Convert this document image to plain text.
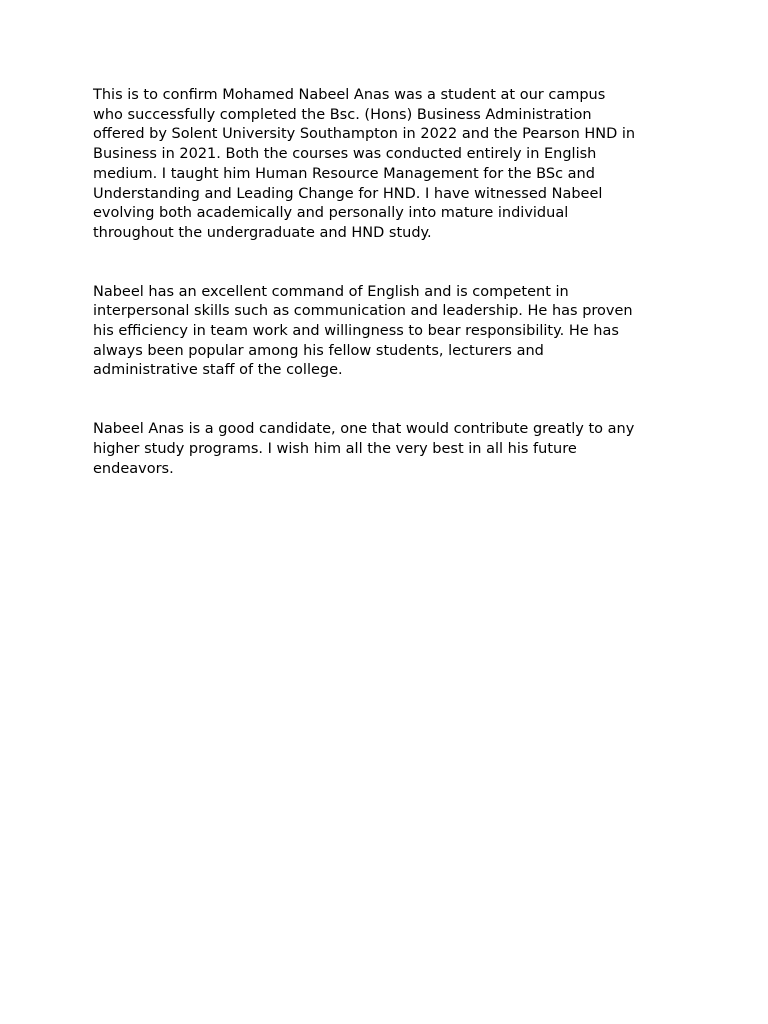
This is to confirm Mohamed Nabeel Anas was a student at our campus
who successfully completed the Bsc. (Hons) Business Administration
offered by Solent University Southampton in 2022 and the Pearson HND in
Business in 2021. Both the courses was conducted entirely in English
medium. I taught him Human Resource Management for the BSc and
Understanding and Leading Change for HND. I have witnessed Nabeel
evolving both academically and personally into mature individual
throughout the undergraduate and HND study.

Nabeel has an excellent command of English and is competent in
interpersonal skills such as communication and leadership. He has proven
his efficiency in team work and willingness to bear responsibility. He has
always been popular among his fellow students, lecturers and
administrative staff of the college.

Nabeel Anas is a good candidate, one that would contribute greatly to any
higher study programs. I wish him all the very best in all his future
endeavors.
